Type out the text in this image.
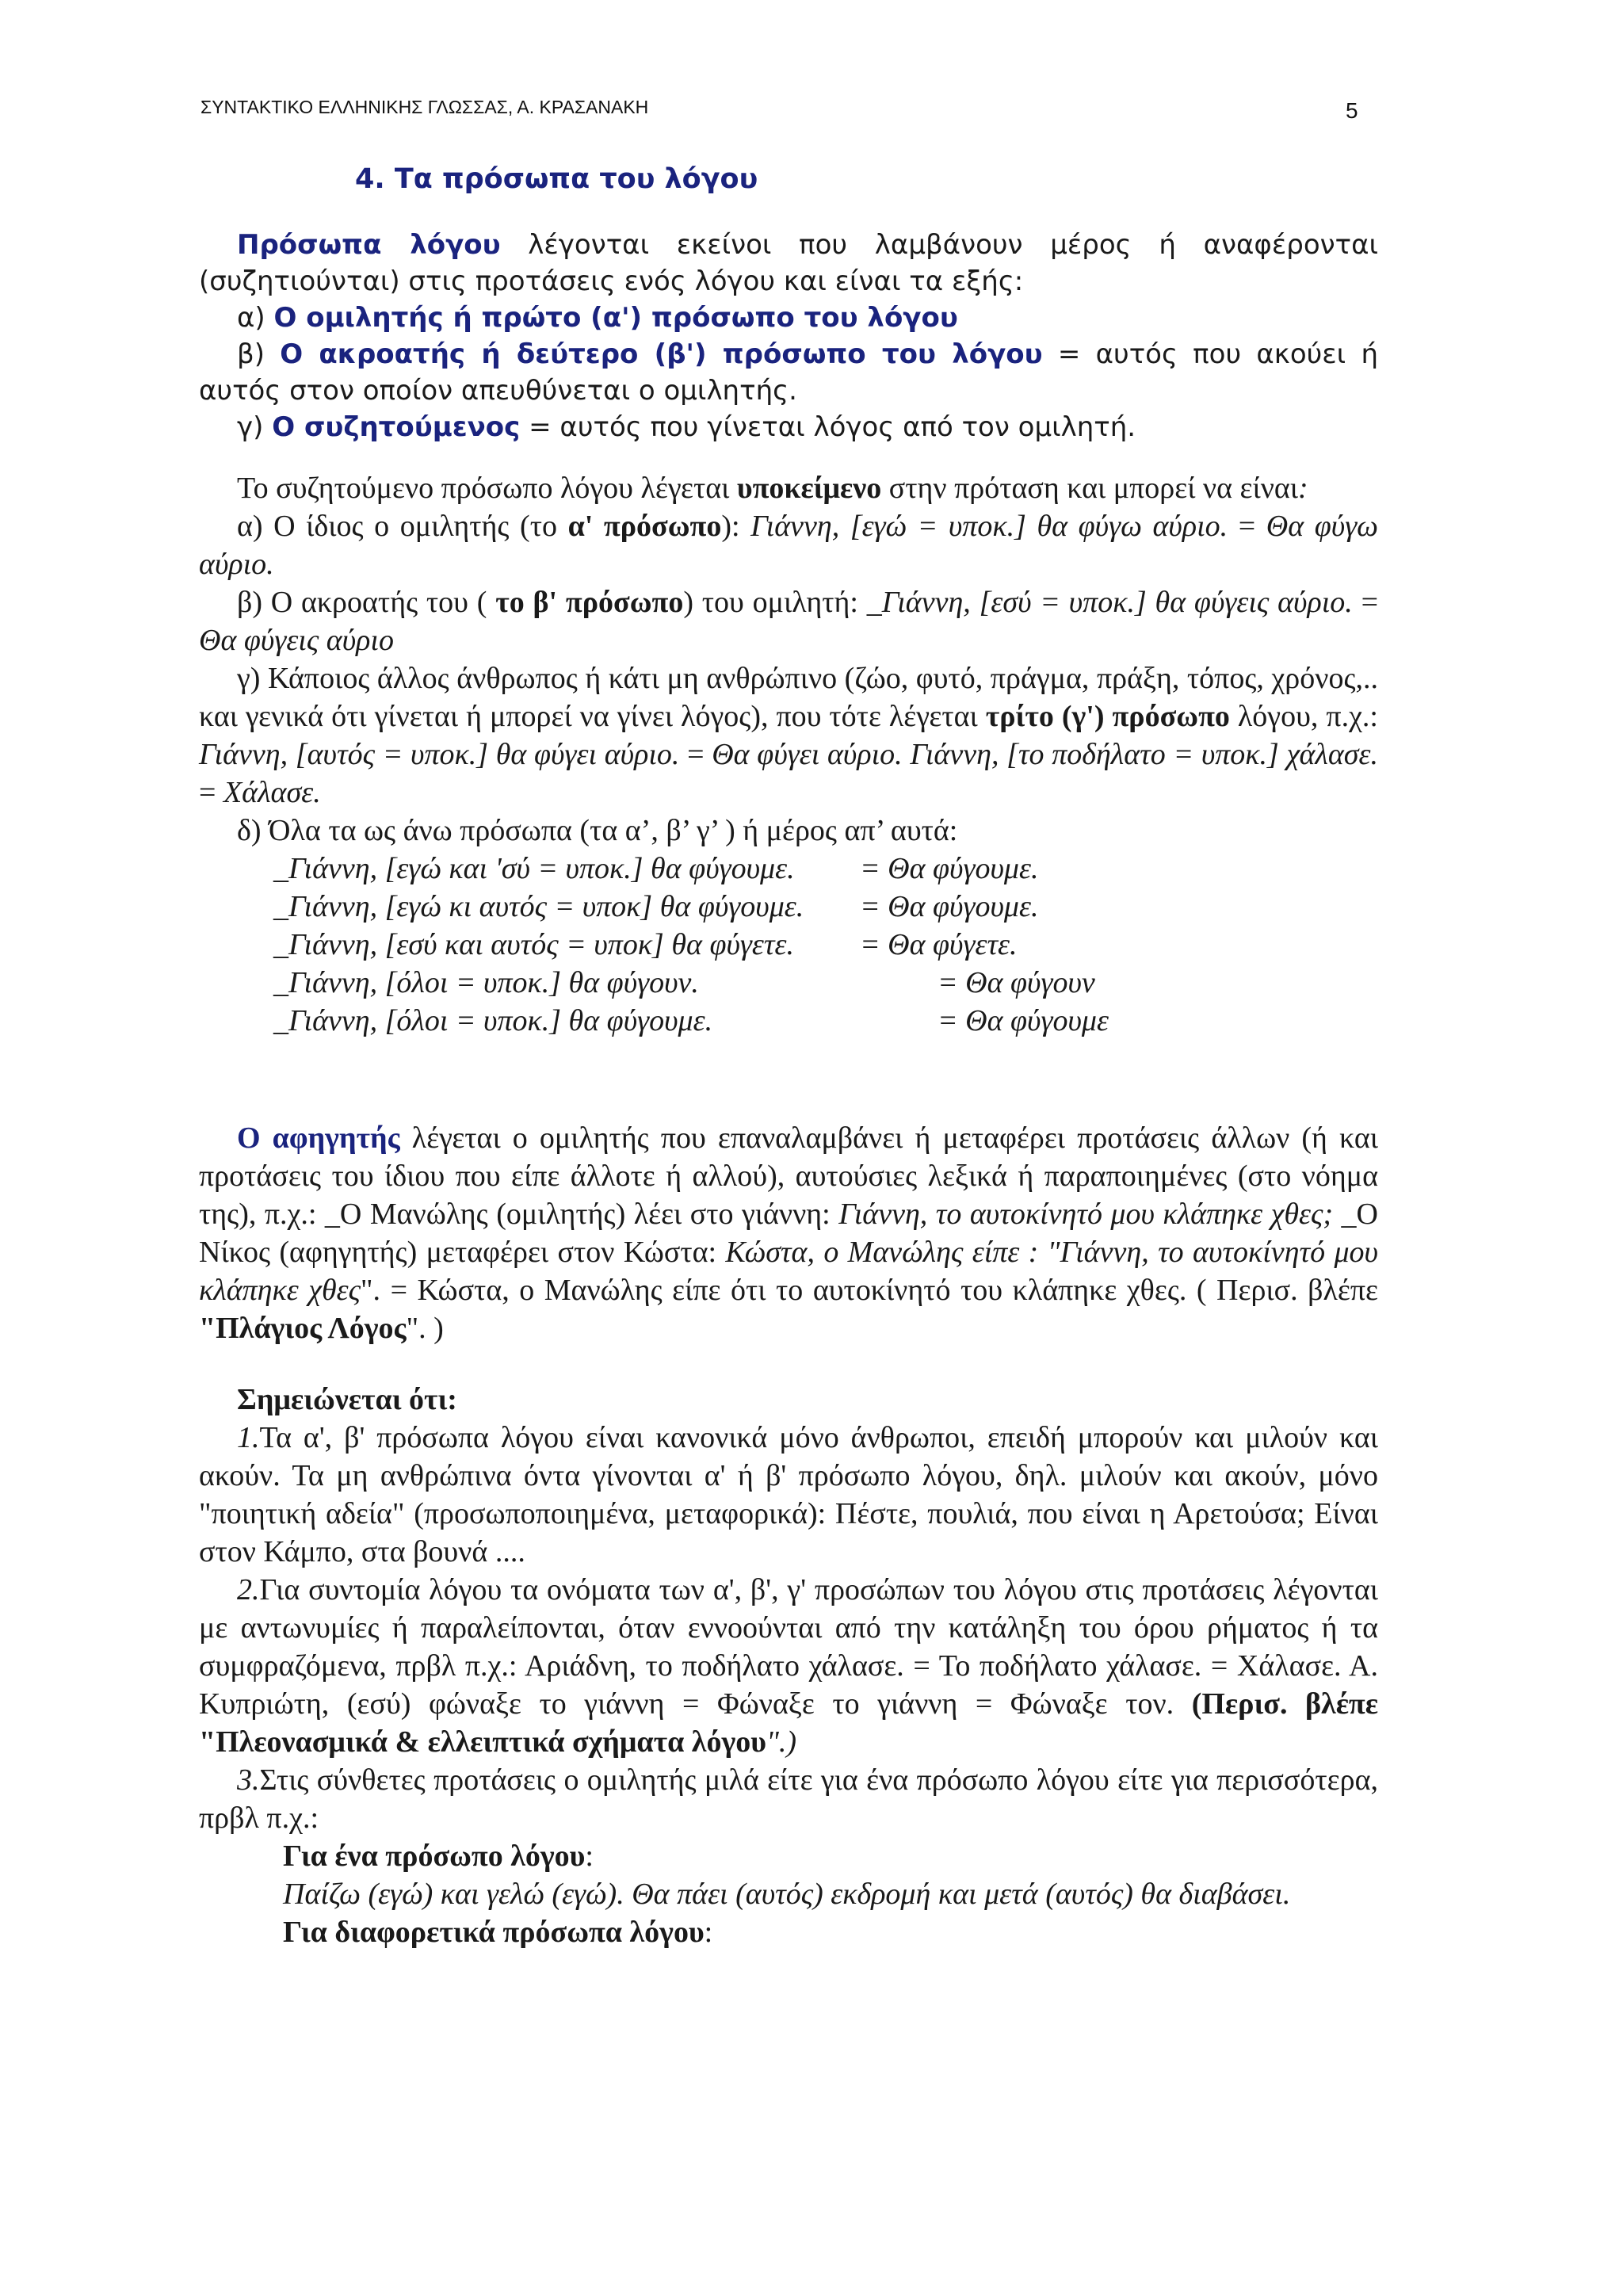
ΣΥΝΤΑΚΤΙΚΟ ΕΛΛΗΝΙΚΗΣ ΓΛΩΣΣΑΣ, Α. ΚΡΑΣΑΝΑΚΗ	5
4. Τα πρόσωπα του λόγου

Πρόσωπα λόγου λέγονται εκείνοι που λαμβάνουν μέρος ή αναφέρονται (συζητιούνται) στις προτάσεις ενός λόγου και είναι τα εξής:

α) Ο ομιλητής ή πρώτο (α') πρόσωπο του λόγου

β) Ο ακροατής ή δεύτερο (β') πρόσωπο του λόγου = αυτός που ακούει ή αυτός στον οποίον απευθύνεται ο ομιλητής.

γ) Ο συζητούμενος = αυτός που γίνεται λόγος από τον ομιλητή.

Το συζητούμενο πρόσωπο λόγου λέγεται υποκείμενο στην πρόταση και μπορεί να είναι:

α) Ο ίδιος ο ομιλητής (το α' πρόσωπο): Γιάννη, [εγώ = υποκ.] θα φύγω αύριο. = Θα φύγω αύριο.

β) Ο ακροατής του ( το β' πρόσωπο) του ομιλητή: _Γιάννη, [εσύ = υποκ.] θα φύγεις αύριο. = Θα φύγεις αύριο

γ) Κάποιος άλλος άνθρωπος ή κάτι μη ανθρώπινο (ζώο, φυτό, πράγμα, πράξη, τόπος, χρόνος,.. και γενικά ότι γίνεται ή μπορεί να γίνει λόγος), που τότε λέγεται τρίτο (γ') πρόσωπο λόγου, π.χ.: Γιάννη, [αυτός = υποκ.] θα φύγει αύριο. = Θα φύγει αύριο. Γιάννη, [το ποδήλατο = υποκ.] χάλασε. = Χάλασε.

δ) Όλα τα ως άνω πρόσωπα (τα α’, β’ γ’ ) ή μέρος απ’ αυτά:

_Γιάννη, [εγώ και 'σύ = υποκ.] θα φύγουμε.	= Θα φύγουμε.
_Γιάννη, [εγώ κι αυτός = υποκ] θα φύγουμε.	= Θα φύγουμε.
_Γιάννη, [εσύ και αυτός = υποκ] θα φύγετε.	= Θα φύγετε.
_Γιάννη, [όλοι = υποκ.] θα φύγουν.	= Θα φύγουν
_Γιάννη, [όλοι = υποκ.] θα φύγουμε.	= Θα φύγουμε

Ο αφηγητής λέγεται ο ομιλητής που επαναλαμβάνει ή μεταφέρει προτάσεις άλλων (ή και προτάσεις του ίδιου που είπε άλλοτε ή αλλού), αυτούσιες λεξικά ή παραποιημένες (στο νόημα της), π.χ.: _Ο Μανώλης (ομιλητής) λέει στο γιάννη: Γιάννη, το αυτοκίνητό μου κλάπηκε χθες; _Ο Νίκος (αφηγητής) μεταφέρει στον Κώστα: Κώστα, ο Μανώλης είπε : "Γιάννη, το αυτοκίνητό μου κλάπηκε χθες". = Κώστα, ο Μανώλης είπε ότι το αυτοκίνητό του κλάπηκε χθες. ( Περισ. βλέπε "Πλάγιος Λόγος". )

Σημειώνεται ότι:

1.Τα α', β' πρόσωπα λόγου είναι κανονικά μόνο άνθρωποι, επειδή μπορούν και μιλούν και ακούν. Τα μη ανθρώπινα όντα γίνονται α' ή β' πρόσωπο λόγου, δηλ. μιλούν και ακούν, μόνο "ποιητική αδεία" (προσωποποιημένα, μεταφορικά): Πέστε, πουλιά, που είναι η Αρετούσα; Είναι στον Κάμπο, στα βουνά ....

2.Για συντομία λόγου τα ονόματα των α', β', γ' προσώπων του λόγου στις προτάσεις λέγονται με αντωνυμίες ή παραλείπονται, όταν εννοούνται από την κατάληξη του όρου ρήματος ή τα συμφραζόμενα, πρβλ π.χ.: Αριάδνη, το ποδήλατο χάλασε. = Το ποδήλατο χάλασε. = Χάλασε. Α. Κυπριώτη, (εσύ) φώναξε το γιάννη = Φώναξε το γιάννη = Φώναξε τον. (Περισ. βλέπε "Πλεονασμικά & ελλειπτικά σχήματα λόγου".)

3.Στις σύνθετες προτάσεις ο ομιλητής μιλά είτε για ένα πρόσωπο λόγου είτε για περισσότερα, πρβλ π.χ.:

Για ένα πρόσωπο λόγου:

Παίζω (εγώ) και γελώ (εγώ). Θα πάει (αυτός) εκδρομή και μετά (αυτός) θα διαβάσει.

Για διαφορετικά πρόσωπα λόγου:
